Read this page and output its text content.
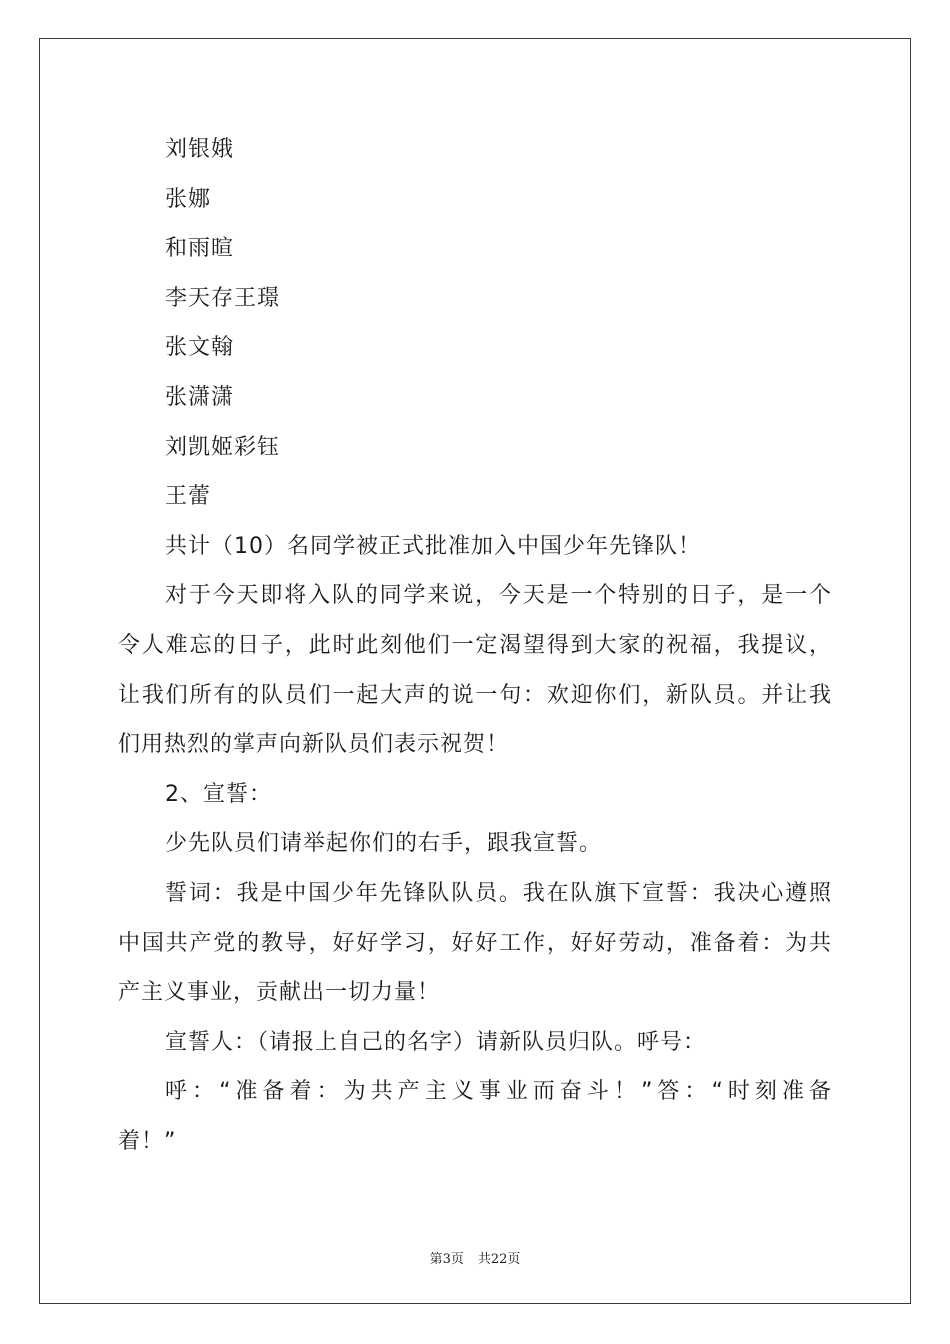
刘银娥
张娜
和雨暄
李天存王璟
张文翰
张潇潇
刘凯姬彩钰
王蕾
共计（10）名同学被正式批准加入中国少年先锋队！
对于今天即将入队的同学来说，今天是一个特别的日子，是一个
令人难忘的日子，此时此刻他们一定渴望得到大家的祝福，我提议，
让我们所有的队员们一起大声的说一句：欢迎你们，新队员。并让我
们用热烈的掌声向新队员们表示祝贺！
2、宣誓：
少先队员们请举起你们的右手，跟我宣誓。
誓词：我是中国少年先锋队队员。我在队旗下宣誓：我决心遵照
中国共产党的教导，好好学习，好好工作，好好劳动，准备着：为共
产主义事业，贡献出一切力量！
宣誓人：（请报上自己的名字）请新队员归队。呼号：
呼：“准备着：为共产主义事业而奋斗！”答：“时刻准备
着！”
第3页 共22页
